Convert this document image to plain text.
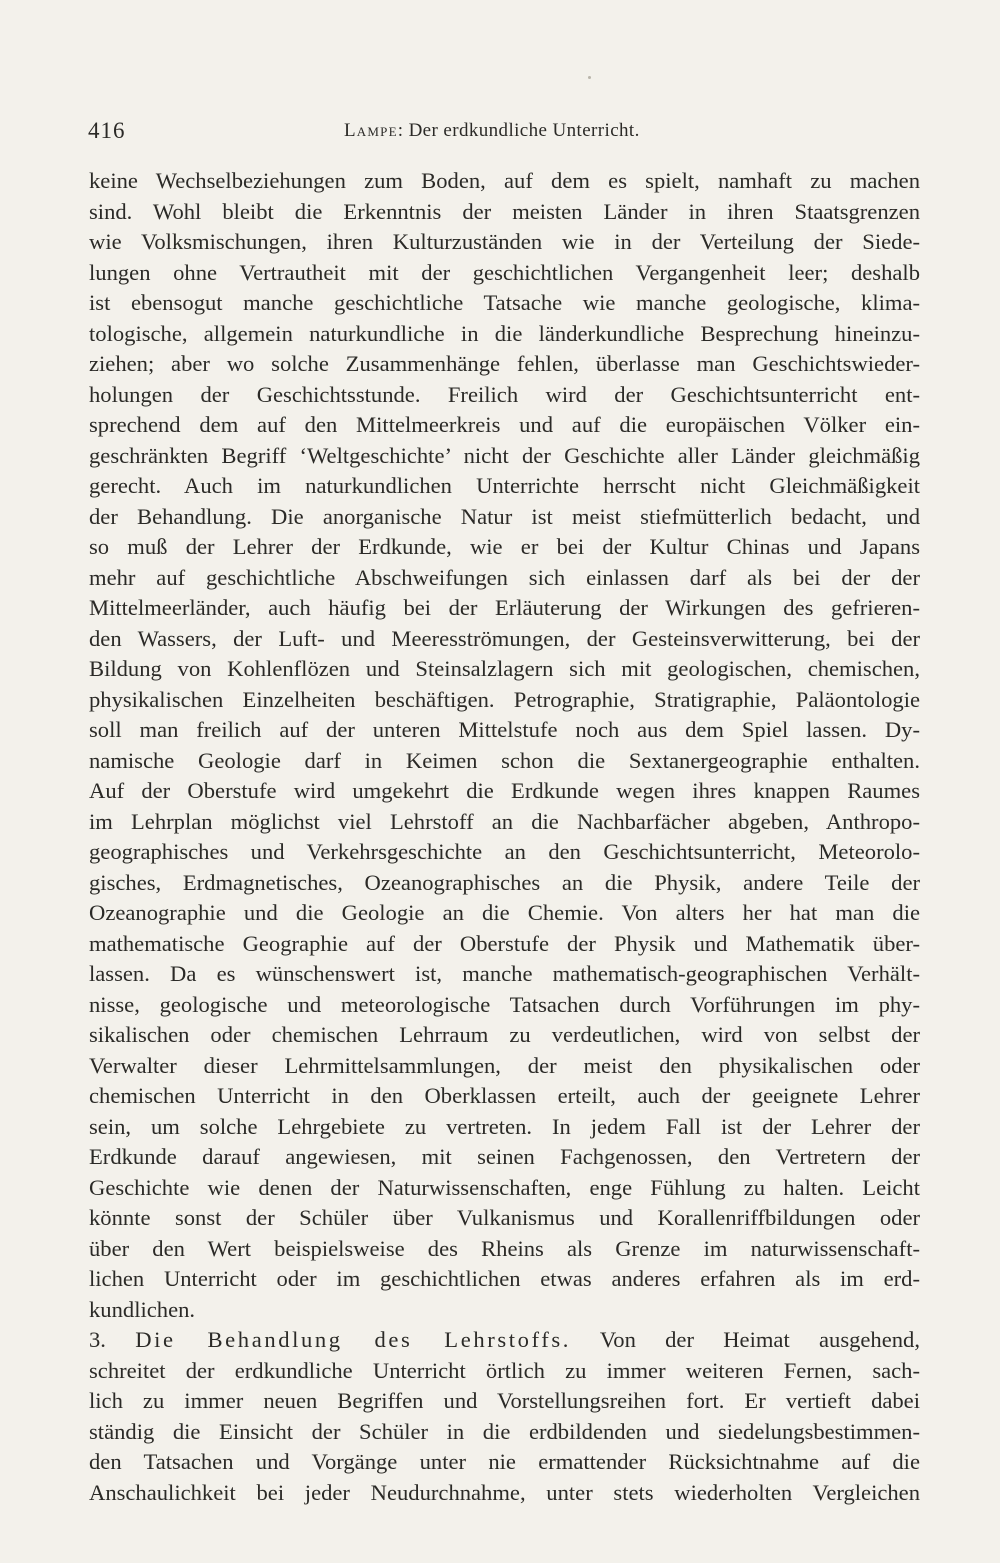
416	Lampe: Der erdkundliche Unterricht.
keine Wechselbeziehungen zum Boden, auf dem es spielt, namhaft zu machen
sind. Wohl bleibt die Erkenntnis der meisten Länder in ihren Staatsgrenzen
wie Volksmischungen, ihren Kulturzuständen wie in der Verteilung der Siede-
lungen ohne Vertrautheit mit der geschichtlichen Vergangenheit leer; deshalb
ist ebensogut manche geschichtliche Tatsache wie manche geologische, klima-
tologische, allgemein naturkundliche in die länderkundliche Besprechung hineinzu-
ziehen; aber wo solche Zusammenhänge fehlen, überlasse man Geschichtswieder-
holungen der Geschichtsstunde. Freilich wird der Geschichtsunterricht ent-
sprechend dem auf den Mittelmeerkreis und auf die europäischen Völker ein-
geschränkten Begriff ‘Weltgeschichte’ nicht der Geschichte aller Länder gleichmäßig
gerecht. Auch im naturkundlichen Unterrichte herrscht nicht Gleichmäßigkeit
der Behandlung. Die anorganische Natur ist meist stiefmütterlich bedacht, und
so muß der Lehrer der Erdkunde, wie er bei der Kultur Chinas und Japans
mehr auf geschichtliche Abschweifungen sich einlassen darf als bei der der
Mittelmeerländer, auch häufig bei der Erläuterung der Wirkungen des gefrieren-
den Wassers, der Luft- und Meeresströmungen, der Gesteinsverwitterung, bei der
Bildung von Kohlenflözen und Steinsalzlagern sich mit geologischen, chemischen,
physikalischen Einzelheiten beschäftigen. Petrographie, Stratigraphie, Paläontologie
soll man freilich auf der unteren Mittelstufe noch aus dem Spiel lassen. Dy-
namische Geologie darf in Keimen schon die Sextanergeographie enthalten.
Auf der Oberstufe wird umgekehrt die Erdkunde wegen ihres knappen Raumes
im Lehrplan möglichst viel Lehrstoff an die Nachbarfächer abgeben, Anthropo-
geographisches und Verkehrsgeschichte an den Geschichtsunterricht, Meteorolo-
gisches, Erdmagnetisches, Ozeanographisches an die Physik, andere Teile der
Ozeanographie und die Geologie an die Chemie. Von alters her hat man die
mathematische Geographie auf der Oberstufe der Physik und Mathematik über-
lassen. Da es wünschenswert ist, manche mathematisch-geographischen Verhält-
nisse, geologische und meteorologische Tatsachen durch Vorführungen im phy-
sikalischen oder chemischen Lehrraum zu verdeutlichen, wird von selbst der
Verwalter dieser Lehrmittelsammlungen, der meist den physikalischen oder
chemischen Unterricht in den Oberklassen erteilt, auch der geeignete Lehrer
sein, um solche Lehrgebiete zu vertreten. In jedem Fall ist der Lehrer der
Erdkunde darauf angewiesen, mit seinen Fachgenossen, den Vertretern der
Geschichte wie denen der Naturwissenschaften, enge Fühlung zu halten. Leicht
könnte sonst der Schüler über Vulkanismus und Korallenriffbildungen oder
über den Wert beispielsweise des Rheins als Grenze im naturwissenschaft-
lichen Unterricht oder im geschichtlichen etwas anderes erfahren als im erd-
kundlichen.
3. Die Behandlung des Lehrstoffs. Von der Heimat ausgehend,
schreitet der erdkundliche Unterricht örtlich zu immer weiteren Fernen, sach-
lich zu immer neuen Begriffen und Vorstellungsreihen fort. Er vertieft dabei
ständig die Einsicht der Schüler in die erdbildenden und siedelungsbestimmen-
den Tatsachen und Vorgänge unter nie ermattender Rücksichtnahme auf die
Anschaulichkeit bei jeder Neudurchnahme, unter stets wiederholten Vergleichen
